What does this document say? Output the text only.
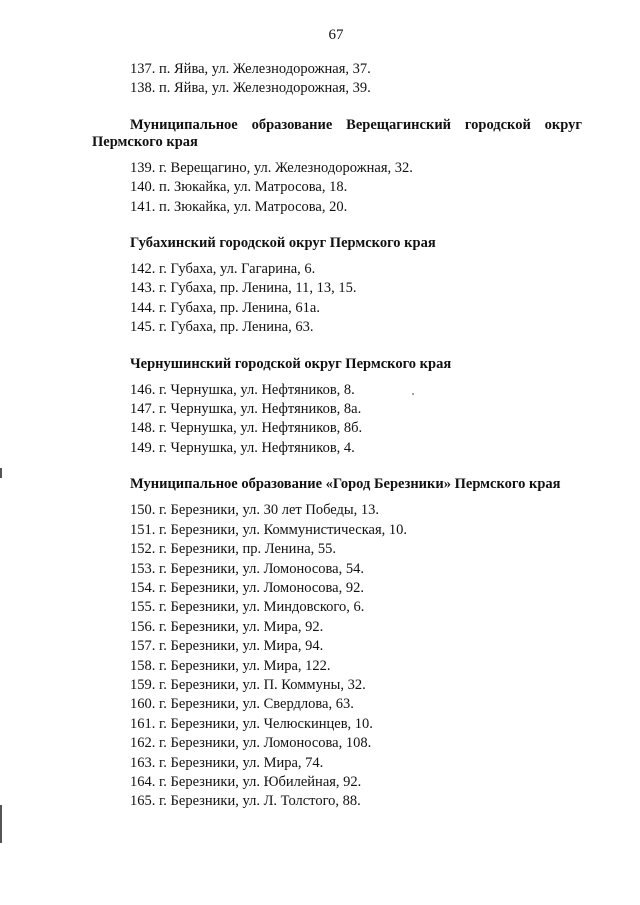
67
137. п. Яйва, ул. Железнодорожная, 37.
138. п. Яйва, ул. Железнодорожная, 39.
Муниципальное образование Верещагинский городской округ Пермского края
139. г. Верещагино, ул. Железнодорожная, 32.
140. п. Зюкайка, ул. Матросова, 18.
141. п. Зюкайка, ул. Матросова, 20.
Губахинский городской округ Пермского края
142. г. Губаха, ул. Гагарина, 6.
143. г. Губаха, пр. Ленина, 11, 13, 15.
144. г. Губаха, пр. Ленина, 61а.
145. г. Губаха, пр. Ленина, 63.
Чернушинский городской округ Пермского края
146. г. Чернушка, ул. Нефтяников, 8.
147. г. Чернушка, ул. Нефтяников, 8а.
148. г. Чернушка, ул. Нефтяников, 8б.
149. г. Чернушка, ул. Нефтяников, 4.
Муниципальное образование «Город Березники» Пермского края
150. г. Березники, ул. 30 лет Победы, 13.
151. г. Березники, ул. Коммунистическая, 10.
152. г. Березники, пр. Ленина, 55.
153. г. Березники, ул. Ломоносова, 54.
154. г. Березники, ул. Ломоносова, 92.
155. г. Березники, ул. Миндовского, 6.
156. г. Березники, ул. Мира, 92.
157. г. Березники, ул. Мира, 94.
158. г. Березники, ул. Мира, 122.
159. г. Березники, ул. П. Коммуны, 32.
160. г. Березники, ул. Свердлова, 63.
161. г. Березники, ул. Челюскинцев, 10.
162. г. Березники, ул. Ломоносова, 108.
163. г. Березники, ул. Мира, 74.
164. г. Березники, ул. Юбилейная, 92.
165. г. Березники, ул. Л. Толстого, 88.
